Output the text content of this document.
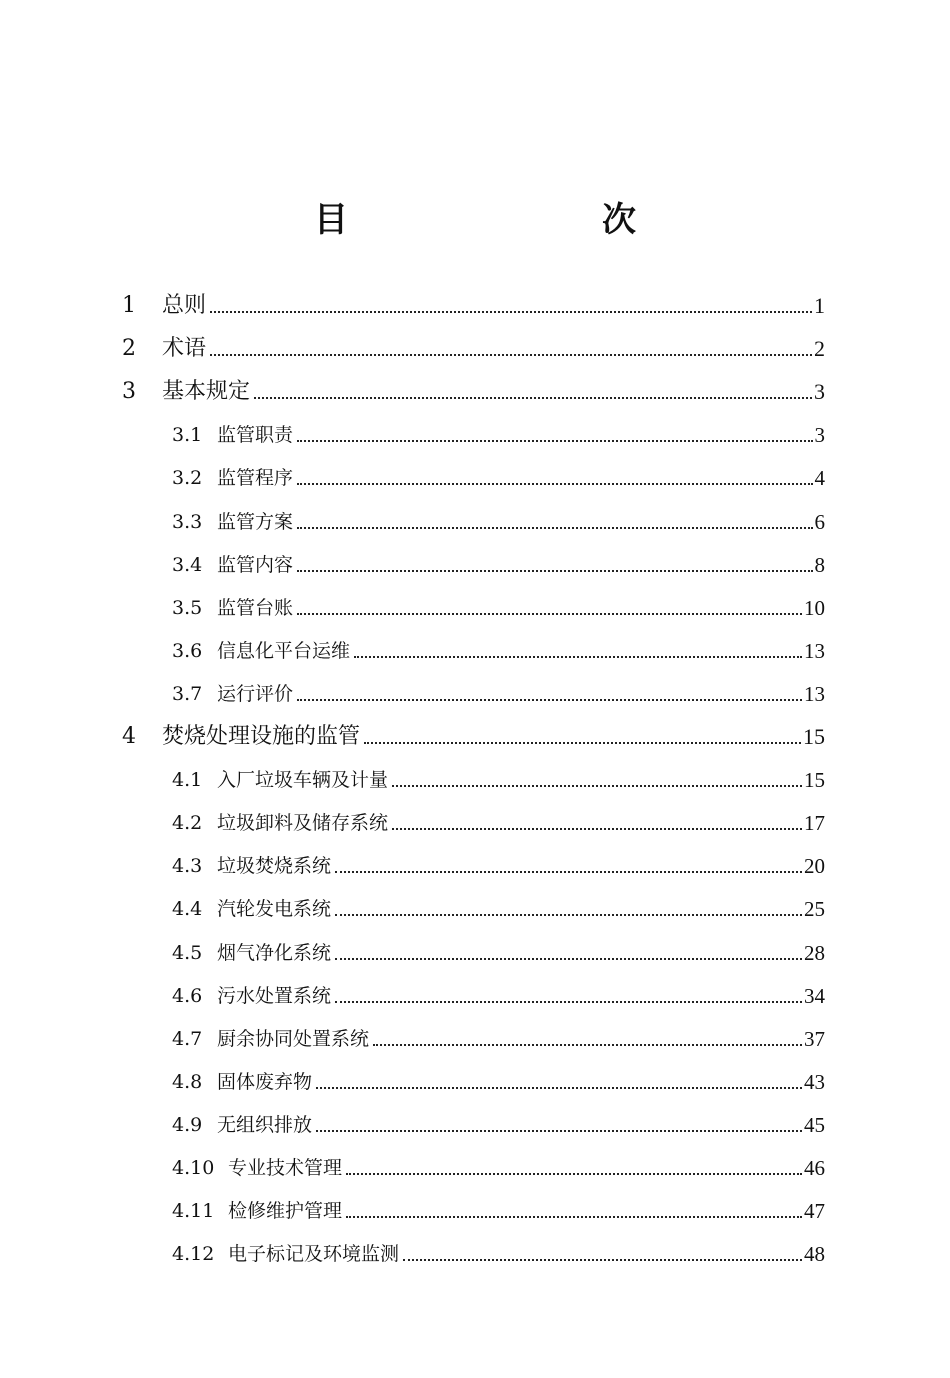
目　　次
1	总则	1
2	术语	2
3	基本规定	3
3.1 监管职责	3
3.2 监管程序	4
3.3 监管方案	6
3.4 监管内容	8
3.5 监管台账	10
3.6 信息化平台运维	13
3.7 运行评价	13
4	焚烧处理设施的监管	15
4.1 入厂垃圾车辆及计量	15
4.2 垃圾卸料及储存系统	17
4.3 垃圾焚烧系统	20
4.4 汽轮发电系统	25
4.5 烟气净化系统	28
4.6 污水处置系统	34
4.7 厨余协同处置系统	37
4.8 固体废弃物	43
4.9 无组织排放	45
4.10 专业技术管理	46
4.11 检修维护管理	47
4.12 电子标记及环境监测	48
